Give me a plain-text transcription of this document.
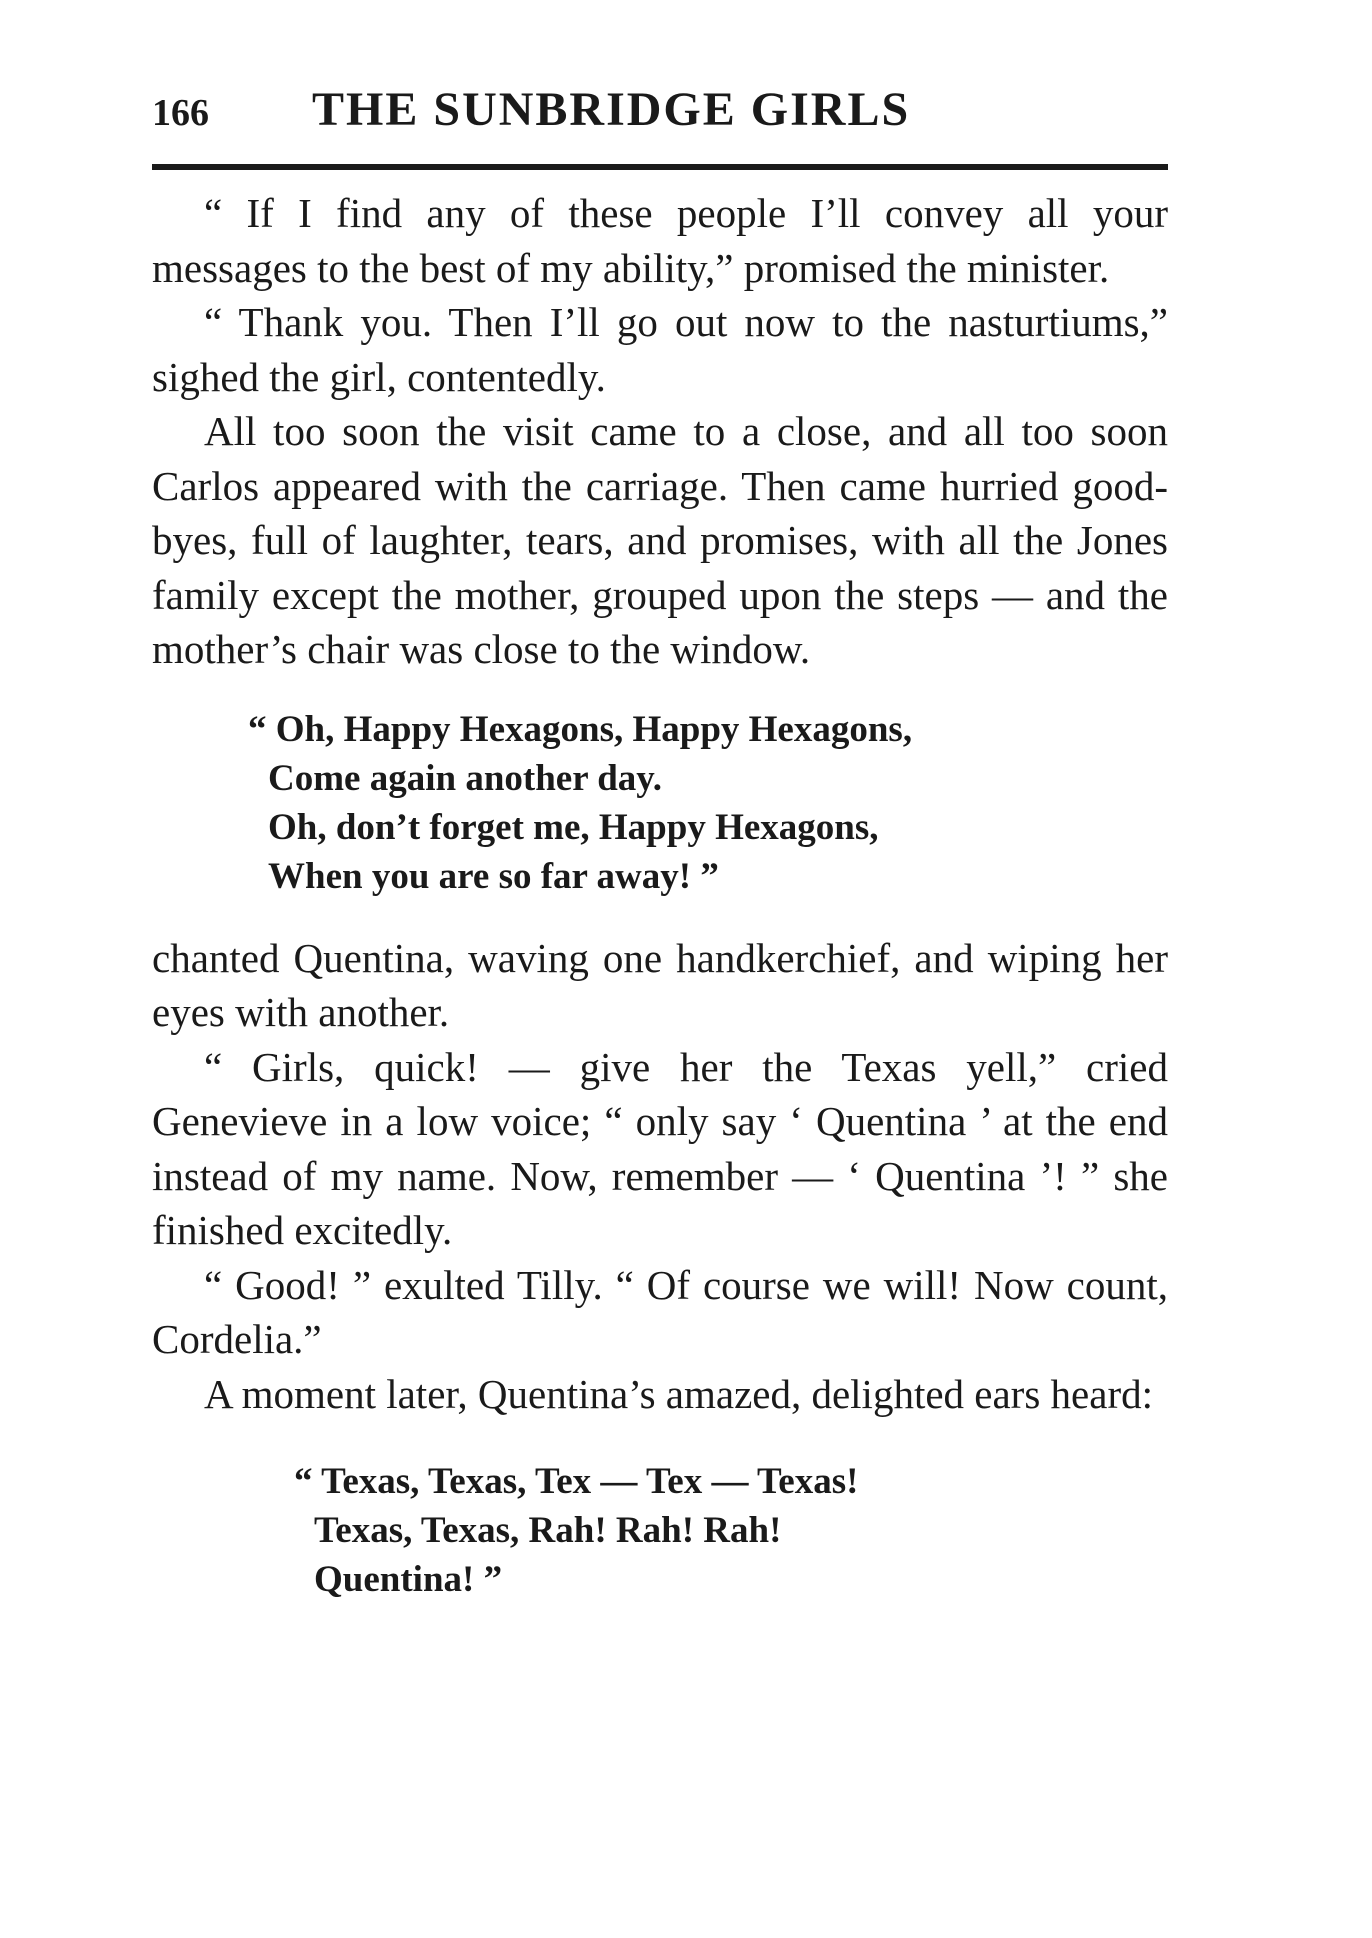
166	THE SUNBRIDGE GIRLS

“ If I find any of these people I’ll convey all your messages to the best of my ability,” promised the minister.

“ Thank you. Then I’ll go out now to the nasturtiums,” sighed the girl, contentedly.

All too soon the visit came to a close, and all too soon Carlos appeared with the carriage. Then came hurried good-byes, full of laughter, tears, and promises, with all the Jones family except the mother, grouped upon the steps — and the mother’s chair was close to the window.

“ Oh, Happy Hexagons, Happy Hexagons,
Come again another day.
Oh, don’t forget me, Happy Hexagons,
When you are so far away! ”

chanted Quentina, waving one handkerchief, and wiping her eyes with another.

“ Girls, quick! — give her the Texas yell,” cried Genevieve in a low voice; “ only say ‘ Quentina ’ at the end instead of my name. Now, remember — ‘ Quentina ’! ” she finished excitedly.

“ Good! ” exulted Tilly. “ Of course we will! Now count, Cordelia.”

A moment later, Quentina’s amazed, delighted ears heard:

“ Texas, Texas, Tex — Tex — Texas!
Texas, Texas, Rah! Rah! Rah!
Quentina! ”
